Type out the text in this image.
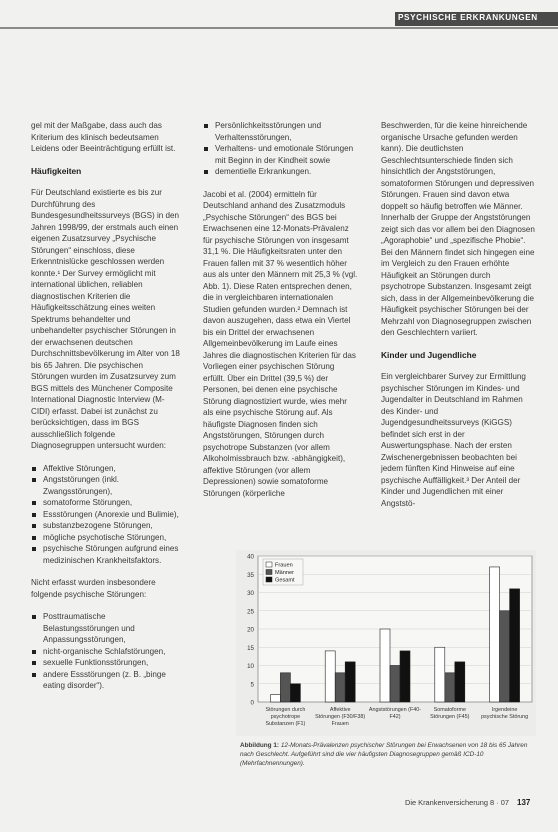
PSYCHISCHE ERKRANKUNGEN

gel mit der Maßgabe, dass auch das Kriterium des klinisch bedeutsamen Leidens oder Beeinträchtigung erfüllt ist.

Häufigkeiten

Für Deutschland existierte es bis zur Durchführung des Bundesgesundheitssurveys (BGS) in den Jahren 1998/99, der erstmals auch einen eigenen Zusatzsurvey „Psychische Störungen“ einschloss, diese Erkenntnislücke geschlossen werden konnte.¹ Der Survey ermöglicht mit international üblichen, reliablen diagnostischen Kriterien die Häufigkeitsschätzung eines weiten Spektrums behandelter und unbehandelter psychischer Störungen in der erwachsenen deutschen Durchschnittsbevölkerung im Alter von 18 bis 65 Jahren. Die psychischen Störungen wurden im Zusatzsurvey zum BGS mittels des Münchener Composite International Diagnostic Interview (M-CIDI) erfasst. Dabei ist zunächst zu berücksichtigen, dass im BGS ausschließlich folgende Diagnosegruppen untersucht wurden:

Affektive Störungen,
Angststörungen (inkl. Zwangsstörungen),
somatoforme Störungen,
Essstörungen (Anorexie und Bulimie),
substanzbezogene Störungen,
mögliche psychotische Störungen,
psychische Störungen aufgrund eines medizinischen Krankheitsfaktors.

Nicht erfasst wurden insbesondere folgende psychische Störungen:

Posttraumatische Belastungsstörungen und Anpassungsstörungen,
nicht-organische Schlafstörungen,
sexuelle Funktionsstörungen,
andere Essstörungen (z. B. „binge eating disorder“).
Persönlichkeitsstörungen und Verhaltensstörungen,
Verhaltens- und emotionale Störungen mit Beginn in der Kindheit sowie
dementielle Erkrankungen.

Jacobi et al. (2004) ermitteln für Deutschland anhand des Zusatzmoduls „Psychische Störungen“ des BGS bei Erwachsenen eine 12-Monats-Prävalenz für psychische Störungen von insgesamt 31,1 %. Die Häufigkeitsraten unter den Frauen fallen mit 37 % wesentlich höher aus als unter den Männern mit 25,3 % (vgl. Abb. 1). Diese Raten entsprechen denen, die in vergleichbaren internationalen Studien gefunden wurden.² Demnach ist davon auszugehen, dass etwa ein Viertel bis ein Drittel der erwachsenen Allgemeinbevölkerung im Laufe eines Jahres die diagnostischen Kriterien für das Vorliegen einer psychischen Störung erfüllt. Über ein Drittel (39,5 %) der Personen, bei denen eine psychische Störung diagnostiziert wurde, wies mehr als eine psychische Störung auf. Als häufigste Diagnosen finden sich Angststörungen, Störungen durch psychotrope Substanzen (vor allem Alkoholmissbrauch bzw. -abhängigkeit), affektive Störungen (vor allem Depressionen) sowie somatoforme Störungen (körperliche

Beschwerden, für die keine hinreichende organische Ursache gefunden werden kann). Die deutlichsten Geschlechtsunterschiede finden sich hinsichtlich der Angststörungen, somatoformen Störungen und depressiven Störungen. Frauen sind davon etwa doppelt so häufig betroffen wie Männer. Innerhalb der Gruppe der Angststörungen zeigt sich das vor allem bei den Diagnosen „Agoraphobie“ und „spezifische Phobie“. Bei den Männern findet sich hingegen eine im Vergleich zu den Frauen erhöhte Häufigkeit an Störungen durch psychotrope Substanzen. Insgesamt zeigt sich, dass in der Allgemeinbevölkerung die Häufigkeit psychischer Störungen bei der Mehrzahl von Diagnosegruppen zwischen den Geschlechtern variiert.

Kinder und Jugendliche

Ein vergleichbarer Survey zur Ermittlung psychischer Störungen im Kindes- und Jugendalter in Deutschland im Rahmen des Kinder- und Jugendgesundheitssurveys (KiGGS) befindet sich erst in der Auswertungsphase. Nach der ersten Zwischenergebnissen beobachten bei jedem fünften Kind Hinweise auf eine psychische Auffälligkeit.³ Der Anteil der Kinder und Jugendlichen mit einer Angststö-

0
5
10
15
20
25
30
35
40
Störungen durch
psychotrope
Substanzen (F1)
Affektive
Störungen (F30/F38)
Frauen
Angststörungen (F40-
F42)
Somatoforme
Störungen (F45)
Irgendeine
psychische Störung
Frauen
Männer
Gesamt
Abbildung 1: 12-Monats-Prävalenzen psychischer Störungen bei Erwachsenen von 18 bis 65 Jahren nach Geschlecht. Aufgeführt sind die vier häufigsten Diagnosegruppen gemäß ICD-10 (Mehrfachnennungen).
Die Krankenversicherung 8 · 07 137
